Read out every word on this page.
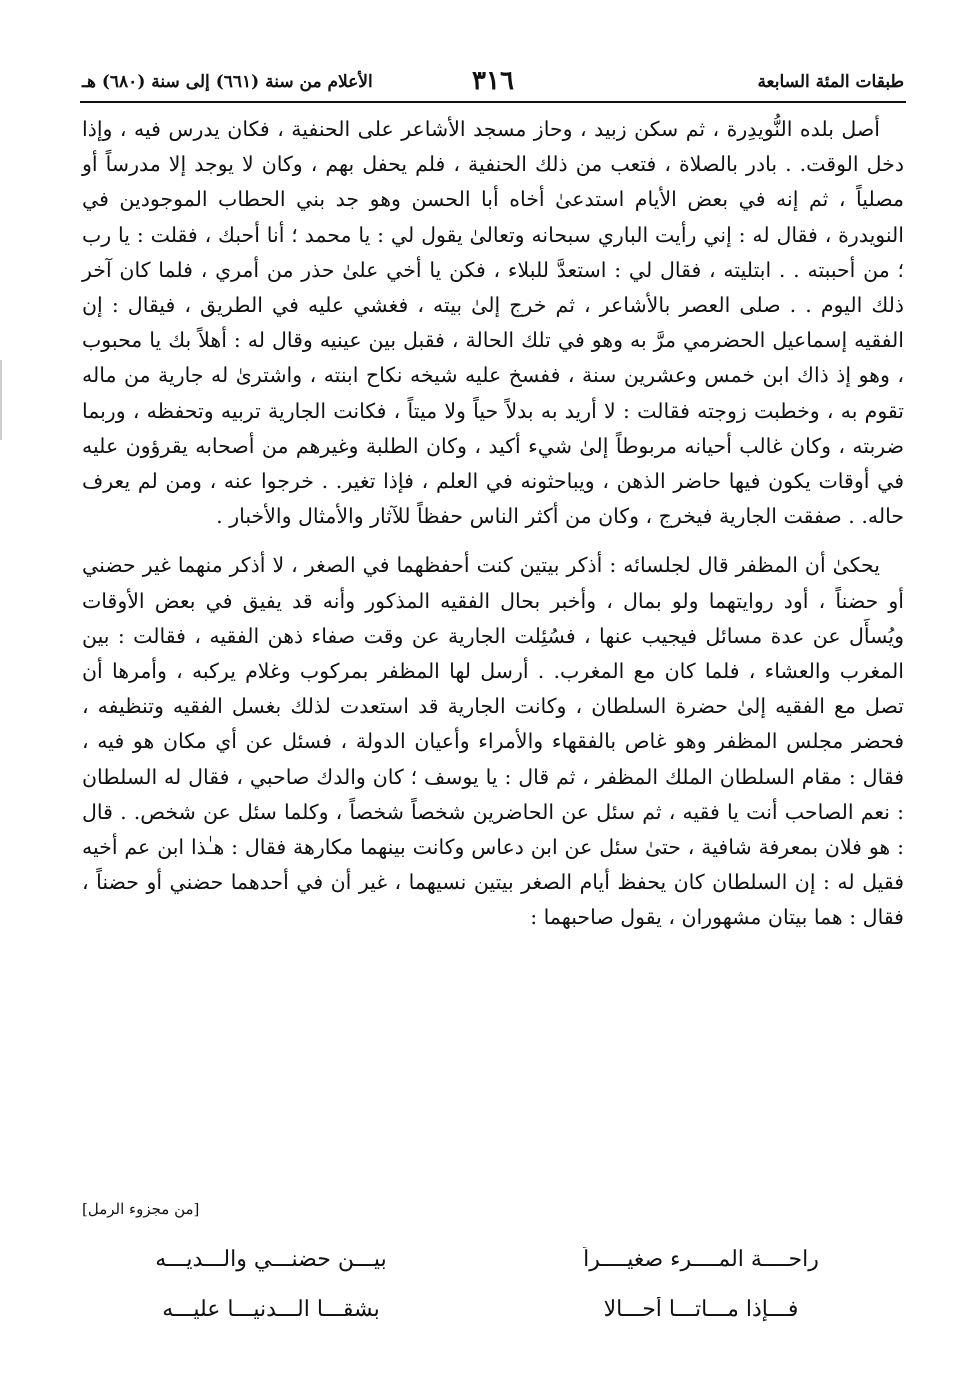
طبقات المئة السابعة
٣١٦
الأعلام من سنة (٦٦١) إلى سنة (٦٨٠) هـ

أصل بلده النُّويدِرة ، ثم سكن زبيد ، وحاز مسجد الأشاعر على الحنفية ، فكان يدرس فيه ، وإذا دخل الوقت. . بادر بالصلاة ، فتعب من ذلك الحنفية ، فلم يحفل بهم ، وكان لا يوجد إلا مدرساً أو مصلياً ، ثم إنه في بعض الأيام استدعىٰ أخاه أبا الحسن وهو جد بني الحطاب الموجودين في النويدرة ، فقال له : إني رأيت الباري سبحانه وتعالىٰ يقول لي : يا محمد ؛ أنا أحبك ، فقلت : يا رب ؛ من أحببته . . ابتليته ، فقال لي : استعدَّ للبلاء ، فكن يا أخي علىٰ حذر من أمري ، فلما كان آخر ذلك اليوم . . صلى العصر بالأشاعر ، ثم خرج إلىٰ بيته ، فغشي عليه في الطريق ، فيقال : إن الفقيه إسماعيل الحضرمي مرَّ به وهو في تلك الحالة ، فقبل بين عينيه وقال له : أهلاً بك يا محبوب ، وهو إذ ذاك ابن خمس وعشرين سنة ، ففسخ عليه شيخه نكاح ابنته ، واشترىٰ له جارية من ماله تقوم به ، وخطبت زوجته فقالت : لا أريد به بدلاً حياً ولا ميتاً ، فكانت الجارية تربيه وتحفظه ، وربما ضربته ، وكان غالب أحيانه مربوطاً إلىٰ شيء أكيد ، وكان الطلبة وغيرهم من أصحابه يقرؤون عليه في أوقات يكون فيها حاضر الذهن ، ويباحثونه في العلم ، فإذا تغير. . خرجوا عنه ، ومن لم يعرف حاله. . صفقت الجارية فيخرج ، وكان من أكثر الناس حفظاً للآثار والأمثال والأخبار .

يحكىٰ أن المظفر قال لجلسائه : أذكر بيتين كنت أحفظهما في الصغر ، لا أذكر منهما غير حضني أو حضناً ، أود روايتهما ولو بمال ، وأخبر بحال الفقيه المذكور وأنه قد يفيق في بعض الأوقات ويُسأَل عن عدة مسائل فيجيب عنها ، فسُئِلت الجارية عن وقت صفاء ذهن الفقيه ، فقالت : بين المغرب والعشاء ، فلما كان مع المغرب. . أرسل لها المظفر بمركوب وغلام يركبه ، وأمرها أن تصل مع الفقيه إلىٰ حضرة السلطان ، وكانت الجارية قد استعدت لذلك بغسل الفقيه وتنظيفه ، فحضر مجلس المظفر وهو غاص بالفقهاء والأمراء وأعيان الدولة ، فسئل عن أي مكان هو فيه ، فقال : مقام السلطان الملك المظفر ، ثم قال : يا يوسف ؛ كان والدك صاحبي ، فقال له السلطان : نعم الصاحب أنت يا فقيه ، ثم سئل عن الحاضرين شخصاً شخصاً ، وكلما سئل عن شخص. . قال : هو فلان بمعرفة شافية ، حتىٰ سئل عن ابن دعاس وكانت بينهما مكارهة فقال : هـٰذا ابن عم أخيه فقيل له : إن السلطان كان يحفظ أيام الصغر بيتين نسيهما ، غير أن في أحدهما حضني أو حضناً ، فقال : هما بيتان مشهوران ، يقول صاحبهما :

[من مجزوء الرمل]
راحــــة المــــرء صغيــــراً
بيـــن حضنـــي والـــديـــه
فـــإذا مـــاتـــا أحـــالا
بشقـــا الـــدنيـــا عليـــه
